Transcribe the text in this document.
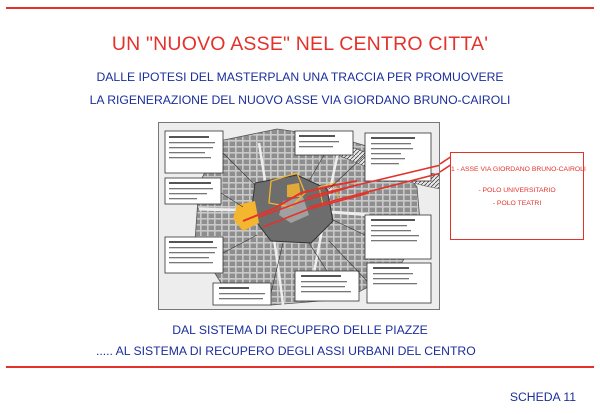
UN "NUOVO ASSE" NEL CENTRO CITTA'
DALLE IPOTESI DEL MASTERPLAN UNA TRACCIA PER PROMUOVERE
LA RIGENERAZIONE DEL NUOVO ASSE VIA GIORDANO BRUNO-CAIROLI
1 - ASSE VIA GIORDANO BRUNO-CAIROLI
- POLO UNIVERSITARIO
- POLO TEATRI
DAL SISTEMA DI RECUPERO DELLE PIAZZE
..... AL SISTEMA DI RECUPERO DEGLI ASSI URBANI DEL CENTRO
SCHEDA 11
